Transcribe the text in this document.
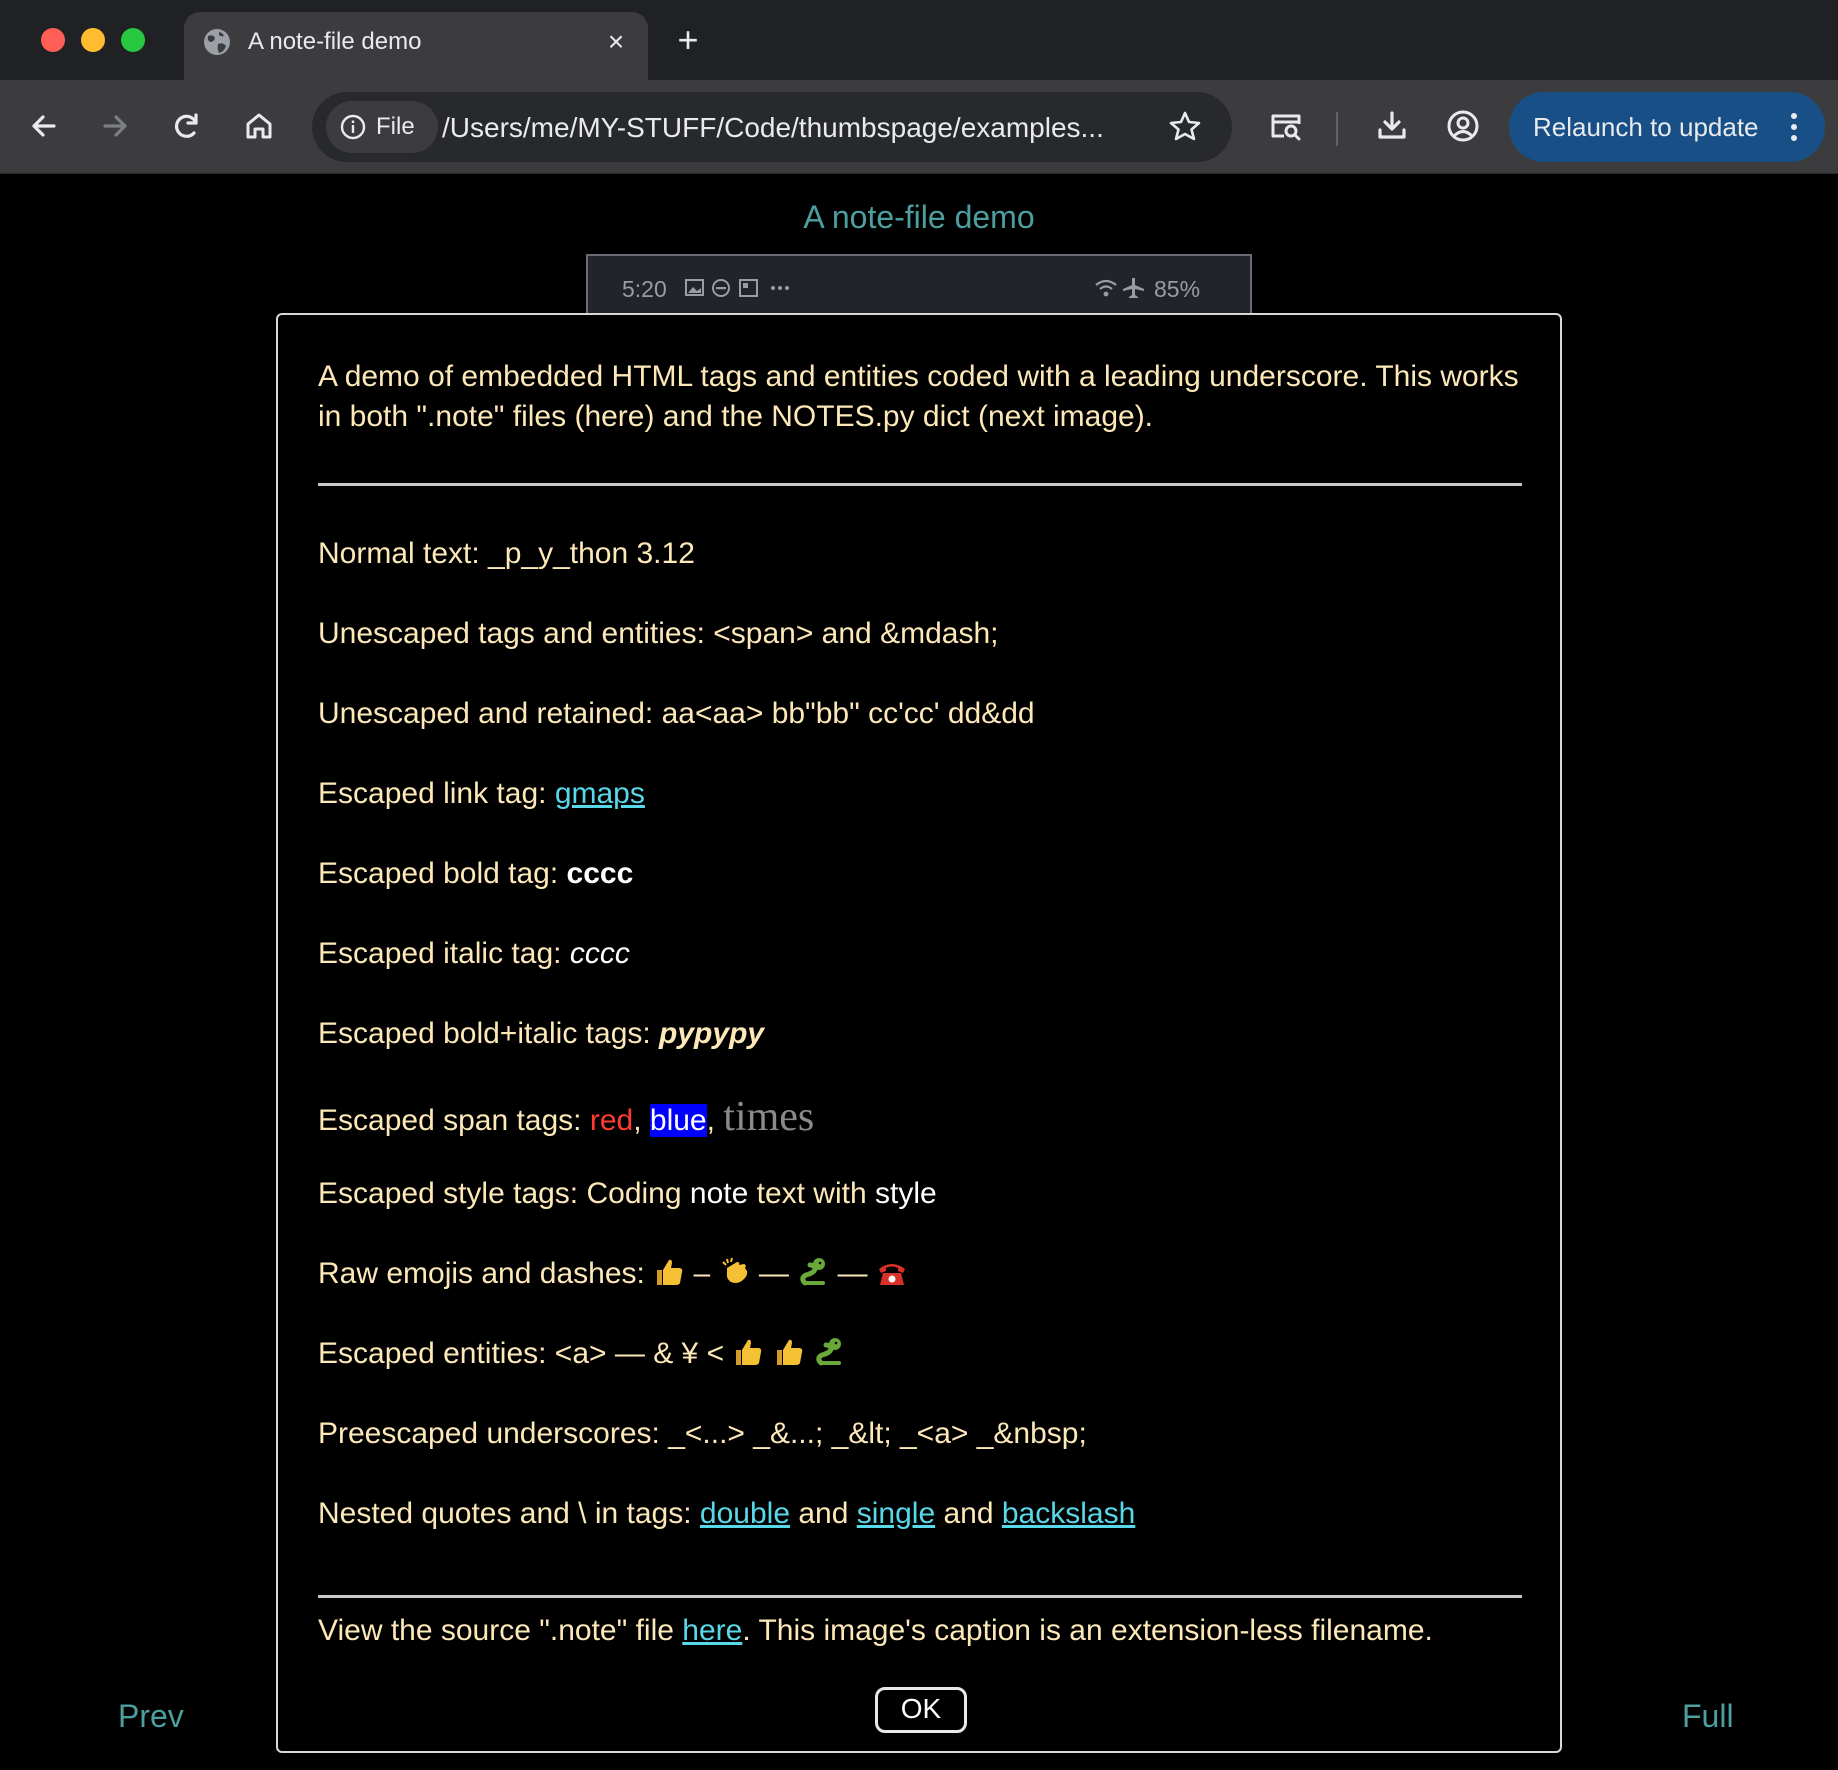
A note-file demo	× +
File /Users/me/MY-STUFF/Code/thumbspage/examples...	Relaunch to update
A note-file demo
5:20	85%
Prev	Full
A demo of embedded HTML tags and entities coded with a leading underscore. This works in both ".note" files (here) and the NOTES.py dict (next image).
Normal text: _p_y_thon 3.12
Unescaped tags and entities: <span> and &mdash;
Unescaped and retained: aa<aa> bb"bb" cc'cc' dd&dd
Escaped link tag: gmaps
Escaped bold tag: cccc
Escaped italic tag: cccc
Escaped bold+italic tags: pypypy
Escaped span tags: red, blue, times
Escaped style tags: Coding note text with style
Raw emojis and dashes:  –  —  —
Escaped entities: <a> — & ¥ <
Preescaped underscores: _<...> _&...; _&lt; _<a> _&nbsp;
Nested quotes and \ in tags: double and single and backslash
View the source ".note" file here. This image's caption is an extension-less filename.
OK
